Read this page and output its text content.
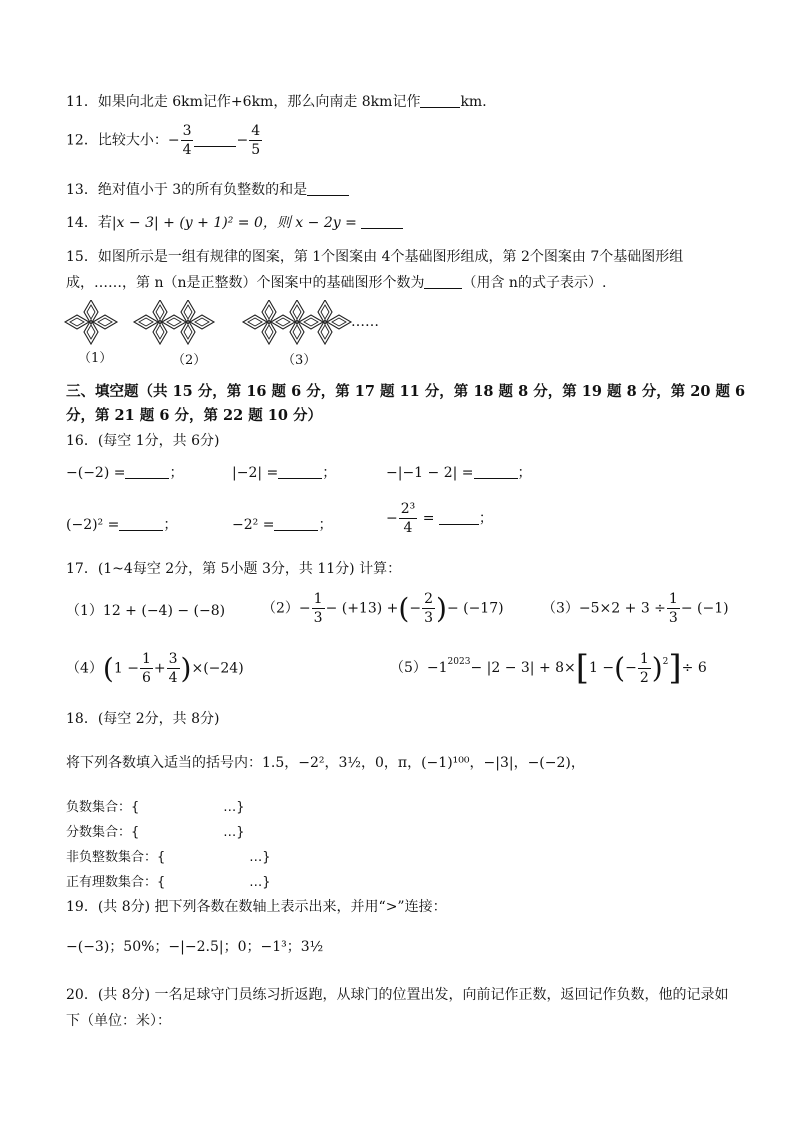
11．如果向北走 6km记作+6km，那么向南走 8km记作	km．
12．比较大小：− $\frac{3}{4}$	− $\frac{4}{5}$
13．绝对值小于 3的所有负整数的和是
14．若|x − 3| + (y + 1)² = 0，则 x − 2y =
15．如图所示是一组有规律的图案，第 1个图案由 4个基础图形组成，第 2个图案由 7个基础图形组
成，……，第 n（n是正整数）个图案中的基础图形个数为	（用含 n的式子表示）.
……
（1）	（2）	（3）
三、填空题（共 15 分，第 16 题 6 分，第 17 题 11 分，第 18 题 8 分，第 19 题 8 分，第 20 题 6
分，第 21 题 6 分，第 22 题 10 分）
16．(每空 1分，共 6分)
−(−2) =	；	|−2| =	；	−|−1 − 2| =	；
(−2)² =	；	−2² =	；	− $\frac{\text{2³}}{4}$ =	；
17．(1~4每空 2分，第 5小题 3分，共 11分) 计算：
（1）12 + (−4) − (−8)	$(2)- \frac{1}{3} - (+13)$ +(− $\frac{2}{3}$ )− (−17)	$(3)-5\times 2 + 3 \div \frac{1}{3} - (-1)$
$(4)(1 - \frac{1}{6} + \frac{3}{4} )\times(-24)$	$(5)-1^{2023}- |2 - 3| + 8\times[1$ −(− $\frac{1}{2} )^2]\div 6$
18．(每空 2分，共 8分)
将下列各数填入适当的括号内：1.5，−2²，3½，0，π，(−1)¹⁰⁰，−|3|，−(−2)，
负数集合：{	…}
分数集合：{	…}
非负整数集合：{	…}
正有理数集合：{	…}
19．(共 8分) 把下列各数在数轴上表示出来，并用“>”连接：
−(−3)；50%；−|−2.5|；0；−1³；3½
20．(共 8分) 一名足球守门员练习折返跑，从球门的位置出发，向前记作正数，返回记作负数，他的记录如
下（单位：米）：
